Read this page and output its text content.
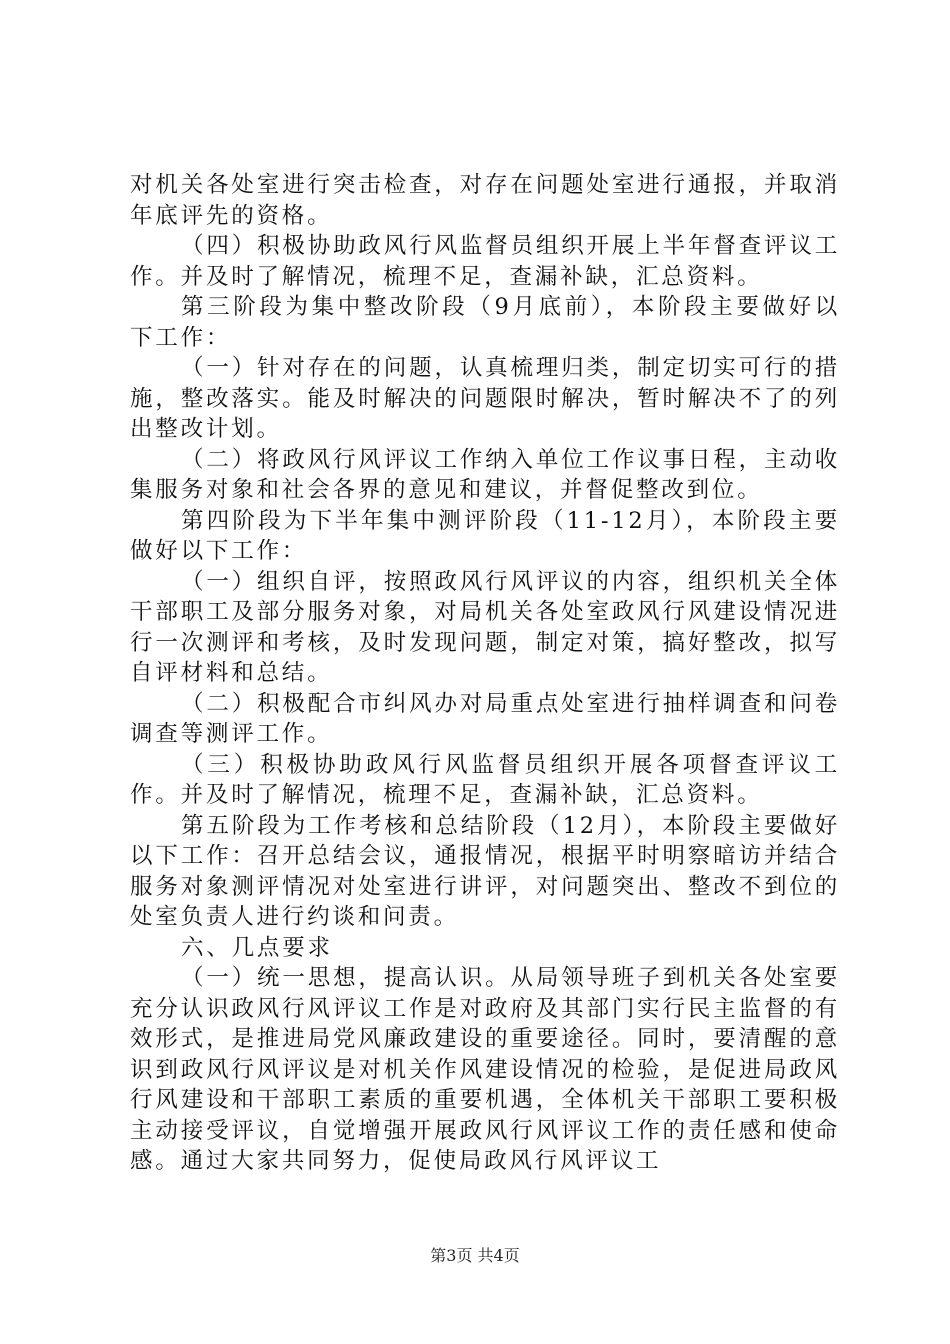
对机关各处室进行突击检查，对存在问题处室进行通报，并取消年底评先的资格。

（四）积极协助政风行风监督员组织开展上半年督查评议工作。并及时了解情况，梳理不足，查漏补缺，汇总资料。

第三阶段为集中整改阶段（9月底前），本阶段主要做好以下工作：

（一）针对存在的问题，认真梳理归类，制定切实可行的措施，整改落实。能及时解决的问题限时解决，暂时解决不了的列出整改计划。

（二）将政风行风评议工作纳入单位工作议事日程，主动收集服务对象和社会各界的意见和建议，并督促整改到位。

第四阶段为下半年集中测评阶段（11-12月），本阶段主要做好以下工作：

（一）组织自评，按照政风行风评议的内容，组织机关全体干部职工及部分服务对象，对局机关各处室政风行风建设情况进行一次测评和考核，及时发现问题，制定对策，搞好整改，拟写自评材料和总结。

（二）积极配合市纠风办对局重点处室进行抽样调查和问卷调查等测评工作。

（三）积极协助政风行风监督员组织开展各项督查评议工作。并及时了解情况，梳理不足，查漏补缺，汇总资料。

第五阶段为工作考核和总结阶段（12月），本阶段主要做好以下工作：召开总结会议，通报情况，根据平时明察暗访并结合服务对象测评情况对处室进行讲评，对问题突出、整改不到位的处室负责人进行约谈和问责。

六、几点要求

（一）统一思想，提高认识。从局领导班子到机关各处室要充分认识政风行风评议工作是对政府及其部门实行民主监督的有效形式，是推进局党风廉政建设的重要途径。同时，要清醒的意识到政风行风评议是对机关作风建设情况的检验，是促进局政风行风建设和干部职工素质的重要机遇，全体机关干部职工要积极主动接受评议，自觉增强开展政风行风评议工作的责任感和使命感。通过大家共同努力，促使局政风行风评议工

第3页 共4页
